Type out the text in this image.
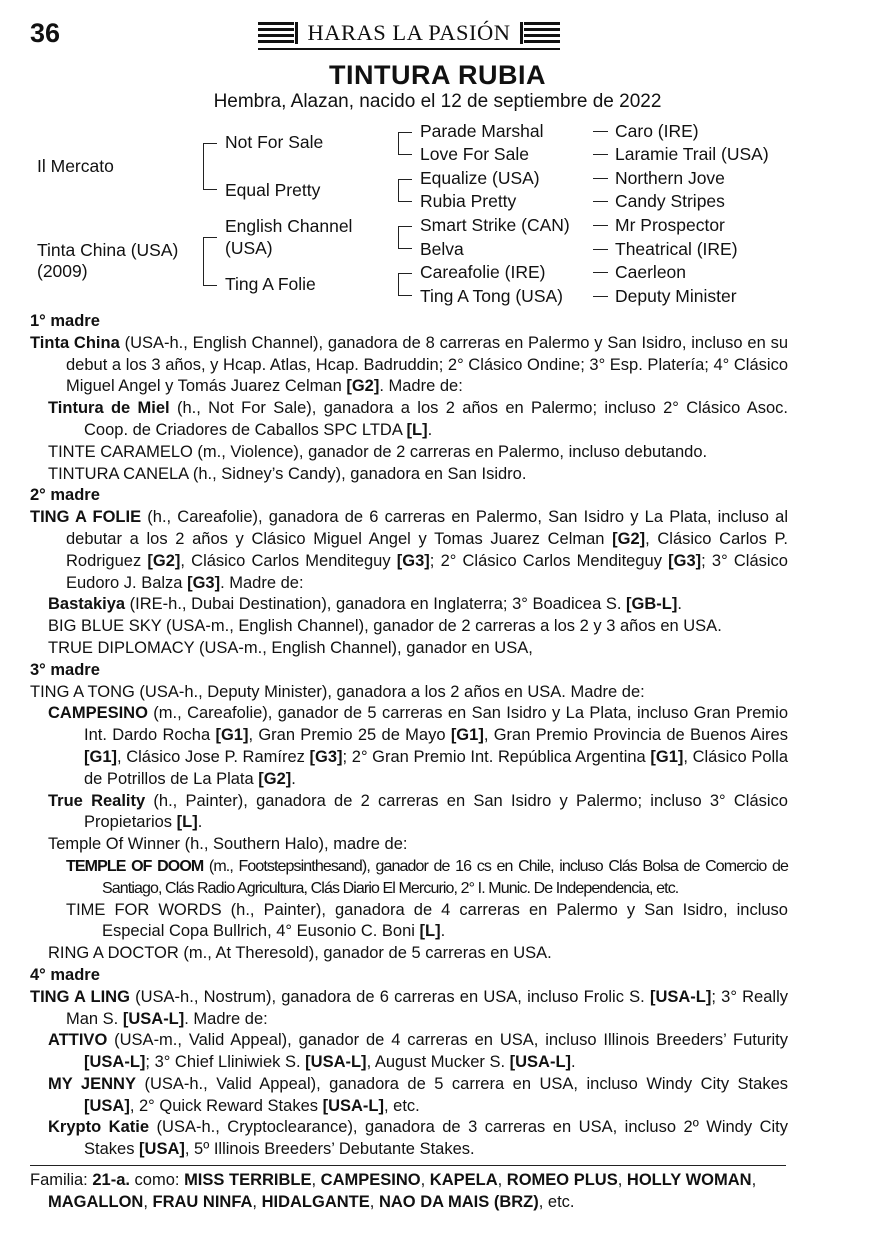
36	HARAS LA PASIÓN
TINTURA RUBIA
Hembra, Alazan, nacido el 12 de septiembre de 2022
Il Mercato
Tinta China (USA)
(2009)
Not For Sale
Equal Pretty
English Channel
(USA)
Ting A Folie
Parade Marshal
Love For Sale
Equalize (USA)
Rubia Pretty
Smart Strike (CAN)
Belva
Careafolie (IRE)
Ting A Tong (USA)
Caro (IRE)
Laramie Trail (USA)
Northern Jove
Candy Stripes
Mr Prospector
Theatrical (IRE)
Caerleon
Deputy Minister
1° madre
Tinta China (USA-h., English Channel), ganadora de 8 carreras en Palermo y San Isidro, incluso en su debut a los 3 años, y Hcap. Atlas, Hcap. Badruddin; 2° Clásico Ondine; 3° Esp. Platería; 4° Clásico Miguel Angel y Tomás Juarez Celman [G2]. Madre de:
Tintura de Miel (h., Not For Sale), ganadora a los 2 años en Palermo; incluso 2° Clásico Asoc. Coop. de Criadores de Caballos SPC LTDA [L].
TINTE CARAMELO (m., Violence), ganador de 2 carreras en Palermo, incluso debutando.
TINTURA CANELA (h., Sidney’s Candy), ganadora en San Isidro.
2° madre
TING A FOLIE (h., Careafolie), ganadora de 6 carreras en Palermo, San Isidro y La Plata, incluso al debutar a los 2 años y Clásico Miguel Angel y Tomas Juarez Celman [G2], Clásico Carlos P. Rodriguez [G2], Clásico Carlos Menditeguy [G3]; 2° Clásico Carlos Menditeguy [G3]; 3° Clásico Eudoro J. Balza [G3]. Madre de:
Bastakiya (IRE-h., Dubai Destination), ganadora en Inglaterra; 3° Boadicea S. [GB-L].
BIG BLUE SKY (USA-m., English Channel), ganador de 2 carreras a los 2 y 3 años en USA.
TRUE DIPLOMACY (USA-m., English Channel), ganador en USA,
3° madre
TING A TONG (USA-h., Deputy Minister), ganadora a los 2 años en USA. Madre de:
CAMPESINO (m., Careafolie), ganador de 5 carreras en San Isidro y La Plata, incluso Gran Premio Int. Dardo Rocha [G1], Gran Premio 25 de Mayo [G1], Gran Premio Provincia de Buenos Aires [G1], Clásico Jose P. Ramírez [G3]; 2° Gran Premio Int. República Argentina [G1], Clásico Polla de Potrillos de La Plata [G2].
True Reality (h., Painter), ganadora de 2 carreras en San Isidro y Palermo; incluso 3° Clásico Propietarios [L].
Temple Of Winner (h., Southern Halo), madre de:
TEMPLE OF DOOM (m., Footstepsinthesand), ganador de 16 cs en Chile, incluso Clás Bolsa de Comercio de Santiago, Clás Radio Agricultura, Clás Diario El Mercurio, 2° I. Munic. De Independencia, etc.
TIME FOR WORDS (h., Painter), ganadora de 4 carreras en Palermo y San Isidro, incluso Especial Copa Bullrich, 4° Eusonio C. Boni [L].
RING A DOCTOR (m., At Theresold), ganador de 5 carreras en USA.
4° madre
TING A LING (USA-h., Nostrum), ganadora de 6 carreras en USA, incluso Frolic S. [USA-L]; 3° Really Man S. [USA-L]. Madre de:
ATTIVO (USA-m., Valid Appeal), ganador de 4 carreras en USA, incluso Illinois Breeders’ Futurity [USA-L]; 3° Chief Lliniwiek S. [USA-L], August Mucker S. [USA-L].
MY JENNY (USA-h., Valid Appeal), ganadora de 5 carrera en USA, incluso Windy City Stakes [USA], 2° Quick Reward Stakes [USA-L], etc.
Krypto Katie (USA-h., Cryptoclearance), ganadora de 3 carreras en USA, incluso 2º Windy City Stakes [USA], 5º Illinois Breeders’ Debutante Stakes.
Familia: 21-a. como: MISS TERRIBLE, CAMPESINO, KAPELA, ROMEO PLUS, HOLLY WOMAN,
MAGALLON, FRAU NINFA, HIDALGANTE, NAO DA MAIS (BRZ), etc.
